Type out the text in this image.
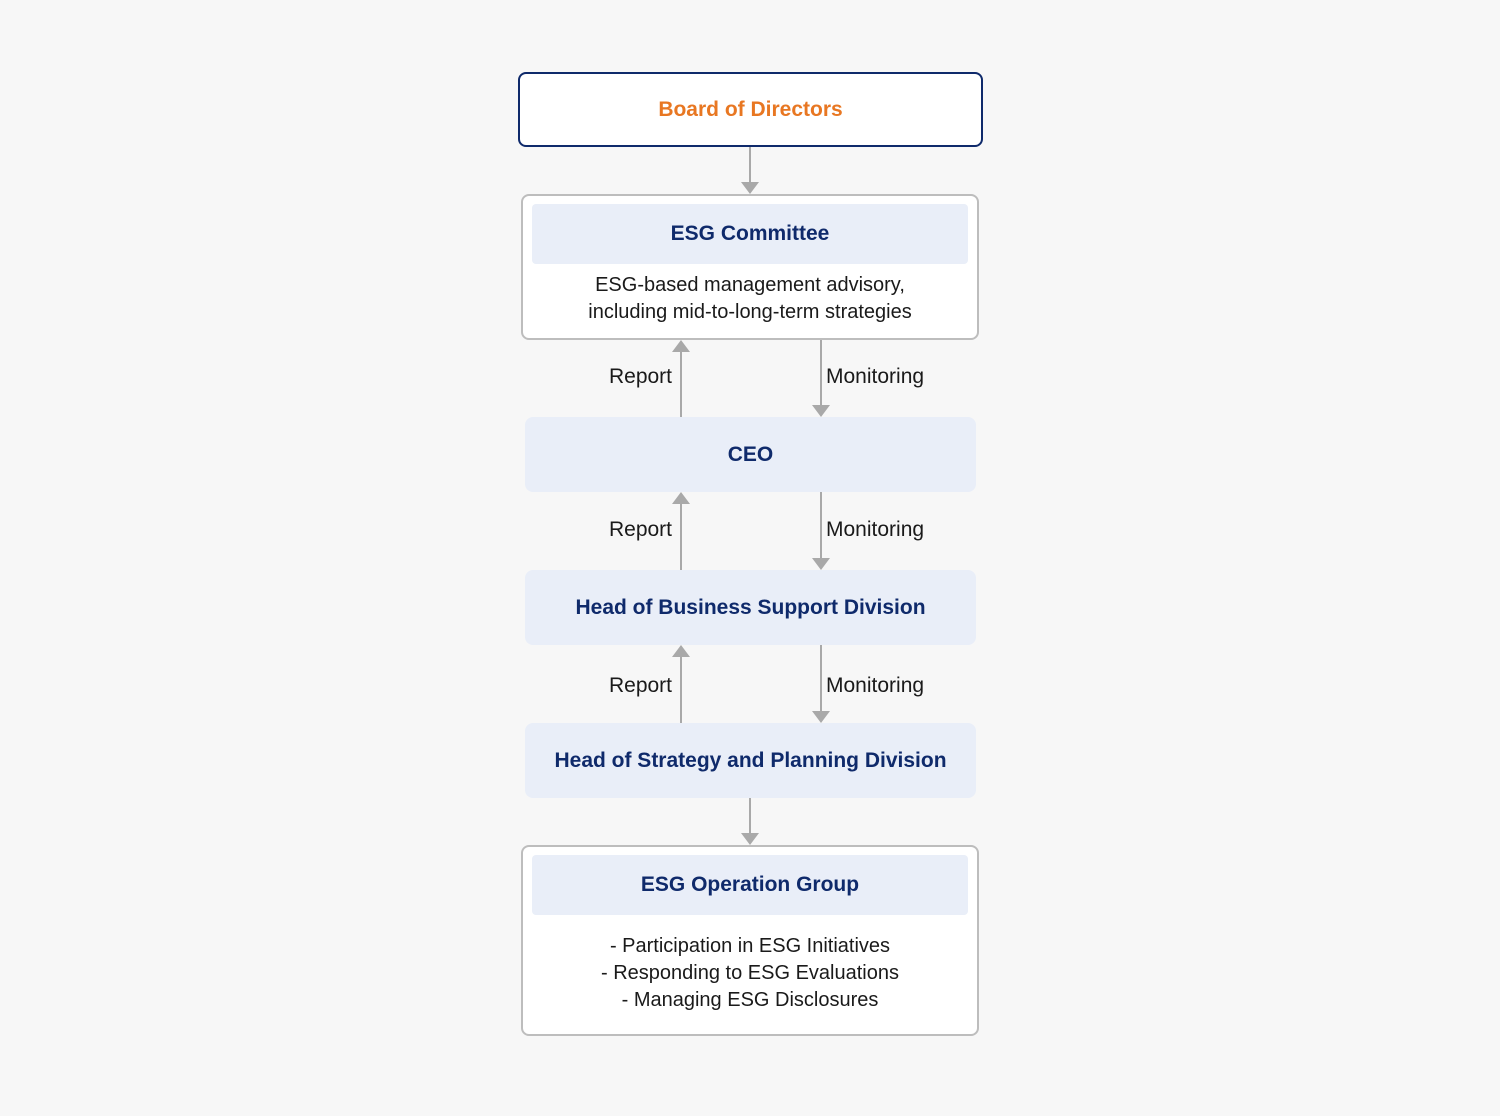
Board of Directors
ESG Committee
ESG-based management advisory,
including mid-to-long-term strategies
Report	Monitoring
CEO
Report	Monitoring
Head of Business Support Division
Report	Monitoring
Head of Strategy and Planning Division
ESG Operation Group
- Participation in ESG Initiatives
- Responding to ESG Evaluations
- Managing ESG Disclosures
